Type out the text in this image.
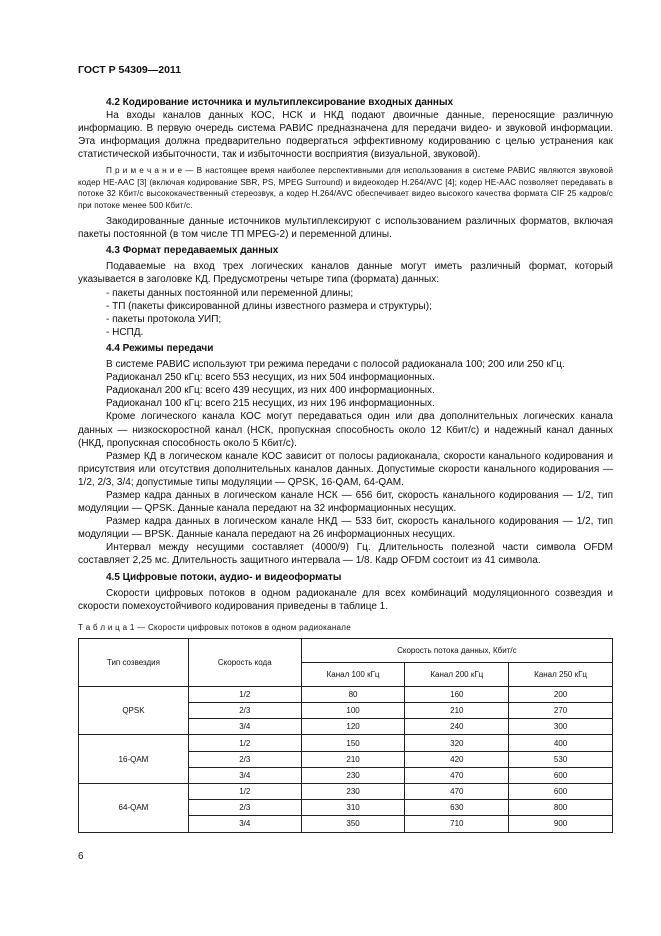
ГОСТ Р 54309—2011
4.2 Кодирование источника и мультиплексирование входных данных

На входы каналов данных КОС, НСК и НКД подают двоичные данные, переносящие различную информацию. В первую очередь система РАВИС предназначена для передачи видео- и звуковой информации. Эта информация должна предварительно подвергаться эффективному кодированию с целью устранения как статистической избыточности, так и избыточности восприятия (визуальной, звуковой).

П р и м е ч а н и е — В настоящее время наиболее перспективными для использования в системе РАВИС являются звуковой кодер HE-AAC [3] (включая кодирование SBR, PS, MPEG Surround) и видеокодер H.264/AVC [4]; кодер HE-AAC позволяет передавать в потоке 32 Кбит/с высококачественный стереозвук, а кодер H.264/AVC обеспечивает видео высокого качества формата CIF 25 кадров/с при потоке менее 500 Кбит/с.

Закодированные данные источников мультиплексируют с использованием различных форматов, включая пакеты постоянной (в том числе ТП MPEG-2) и переменной длины.

4.3 Формат передаваемых данных

Подаваемые на вход трех логических каналов данные могут иметь различный формат, который указывается в заголовке КД. Предусмотрены четыре типа (формата) данных:

- пакеты данных постоянной или переменной длины;
- ТП (пакеты фиксированной длины известного размера и структуры);
- пакеты протокола УИП;
- НСПД.
4.4 Режимы передачи

В системе РАВИС используют три режима передачи с полосой радиоканала 100; 200 или 250 кГц.

Радиоканал 250 кГц: всего 553 несущих, из них 504 информационных.

Радиоканал 200 кГц: всего 439 несущих, из них 400 информационных.

Радиоканал 100 кГц: всего 215 несущих, из них 196 информационных.

Кроме логического канала КОС могут передаваться один или два дополнительных логических канала данных — низкоскоростной канал (НСК, пропускная способность около 12 Кбит/с) и надежный канал данных (НКД, пропускная способность около 5 Кбит/с).

Размер КД в логическом канале КОС зависит от полосы радиоканала, скорости канального кодирования и присутствия или отсутствия дополнительных каналов данных. Допустимые скорости канального кодирования — 1/2, 2/3, 3/4; допустимые типы модуляции — QPSK, 16-QAM, 64-QAM.

Размер кадра данных в логическом канале НСК — 656 бит, скорость канального кодирования — 1/2, тип модуляции — QPSK. Данные канала передают на 32 информационных несущих.

Размер кадра данных в логическом канале НКД — 533 бит, скорость канального кодирования — 1/2, тип модуляции — BPSK. Данные канала передают на 26 информационных несущих.

Интервал между несущими составляет (4000/9) Гц. Длительность полезной части символа OFDM составляет 2,25 мс. Длительность защитного интервала — 1/8. Кадр OFDM состоит из 41 символа.

4.5 Цифровые потоки, аудио- и видеоформаты

Скорости цифровых потоков в одном радиоканале для всех комбинаций модуляционного созвездия и скорости помехоустойчивого кодирования приведены в таблице 1.

Т а б л и ц а 1 — Скорости цифровых потоков в одном радиоканале
Тип созвездия	Скорость кода	Скорость потока данных, Кбит/с		
		Канал 100 кГц	Канал 200 кГц	Канал 250 кГц
QPSK	1/2	80	160	200
	2/3	100	210	270
	3/4	120	240	300
16-QAM	1/2	150	320	400
	2/3	210	420	530
	3/4	230	470	600
64-QAM	1/2	230	470	600
	2/3	310	630	800
	3/4	350	710	900
6
